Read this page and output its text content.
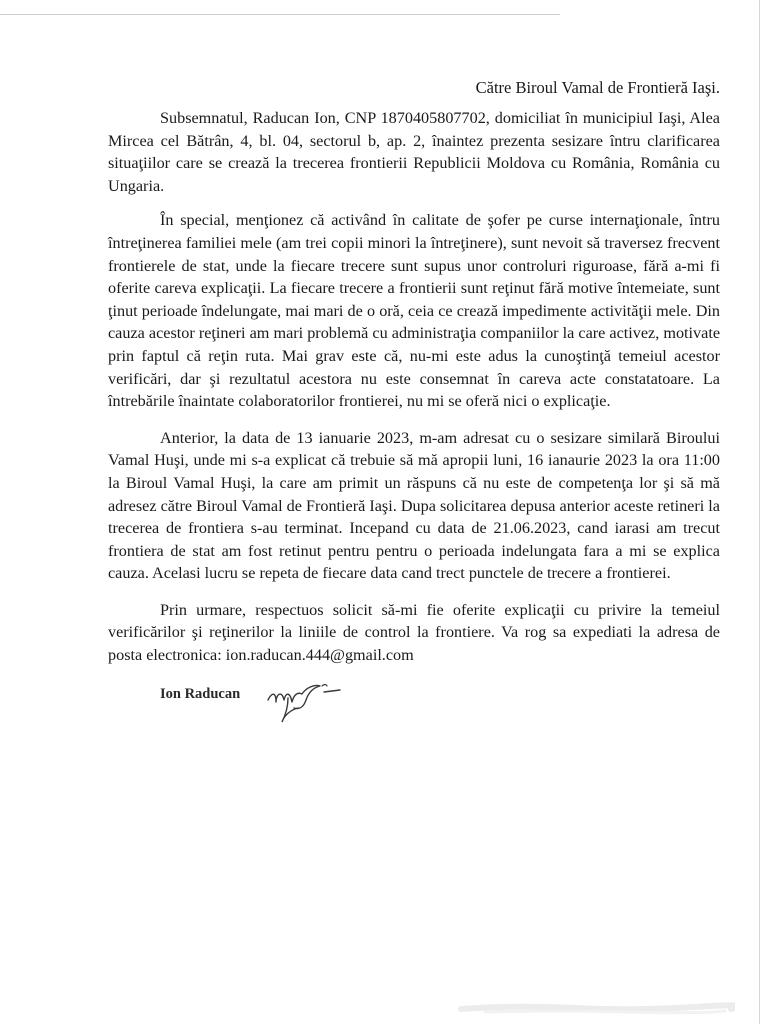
Către Biroul Vamal de Frontieră Iaşi.

Subsemnatul, Raducan Ion, CNP 1870405807702, domiciliat în municipiul Iaşi, Alea Mircea cel Bătrân, 4, bl. 04, sectorul b, ap. 2, înaintez prezenta sesizare întru clarificarea situaţiilor care se crează la trecerea frontierii Republicii Moldova cu România, România cu Ungaria.

În special, menţionez că activând în calitate de şofer pe curse internaţionale, întru întreţinerea familiei mele (am trei copii minori la întreţinere), sunt nevoit să traversez frecvent frontierele de stat, unde la fiecare trecere sunt supus unor controluri riguroase, fără a-mi fi oferite careva explicaţii. La fiecare trecere a frontierii sunt reţinut fără motive întemeiate, sunt ţinut perioade îndelungate, mai mari de o oră, ceia ce crează impedimente activităţii mele. Din cauza acestor reţineri am mari problemă cu administraţia companiilor la care activez, motivate prin faptul că reţin ruta. Mai grav este că, nu-mi este adus la cunoştinţă temeiul acestor verificări, dar şi rezultatul acestora nu este consemnat în careva acte constatatoare. La întrebările înaintate colaboratorilor frontierei, nu mi se oferă nici o explicaţie.

Anterior, la data de 13 ianuarie 2023, m-am adresat cu o sesizare similară Biroului Vamal Huşi, unde mi s-a explicat că trebuie să mă apropii luni, 16 ianaurie 2023 la ora 11:00 la Biroul Vamal Huşi, la care am primit un răspuns că nu este de competenţa lor şi să mă adresez către Biroul Vamal de Frontieră Iaşi. Dupa solicitarea depusa anterior aceste retineri la trecerea de frontiera s-au terminat. Incepand cu data de 21.06.2023, cand iarasi am trecut frontiera de stat am fost retinut pentru pentru o perioada indelungata fara a mi se explica cauza. Acelasi lucru se repeta de fiecare data cand trect punctele de trecere a frontierei.

Prin urmare, respectuos solicit să-mi fie oferite explicaţii cu privire la temeiul verificărilor şi reţinerilor la liniile de control la frontiere. Va rog sa expediati la adresa de posta electronica: ion.raducan.444@gmail.com

Ion Raducan
